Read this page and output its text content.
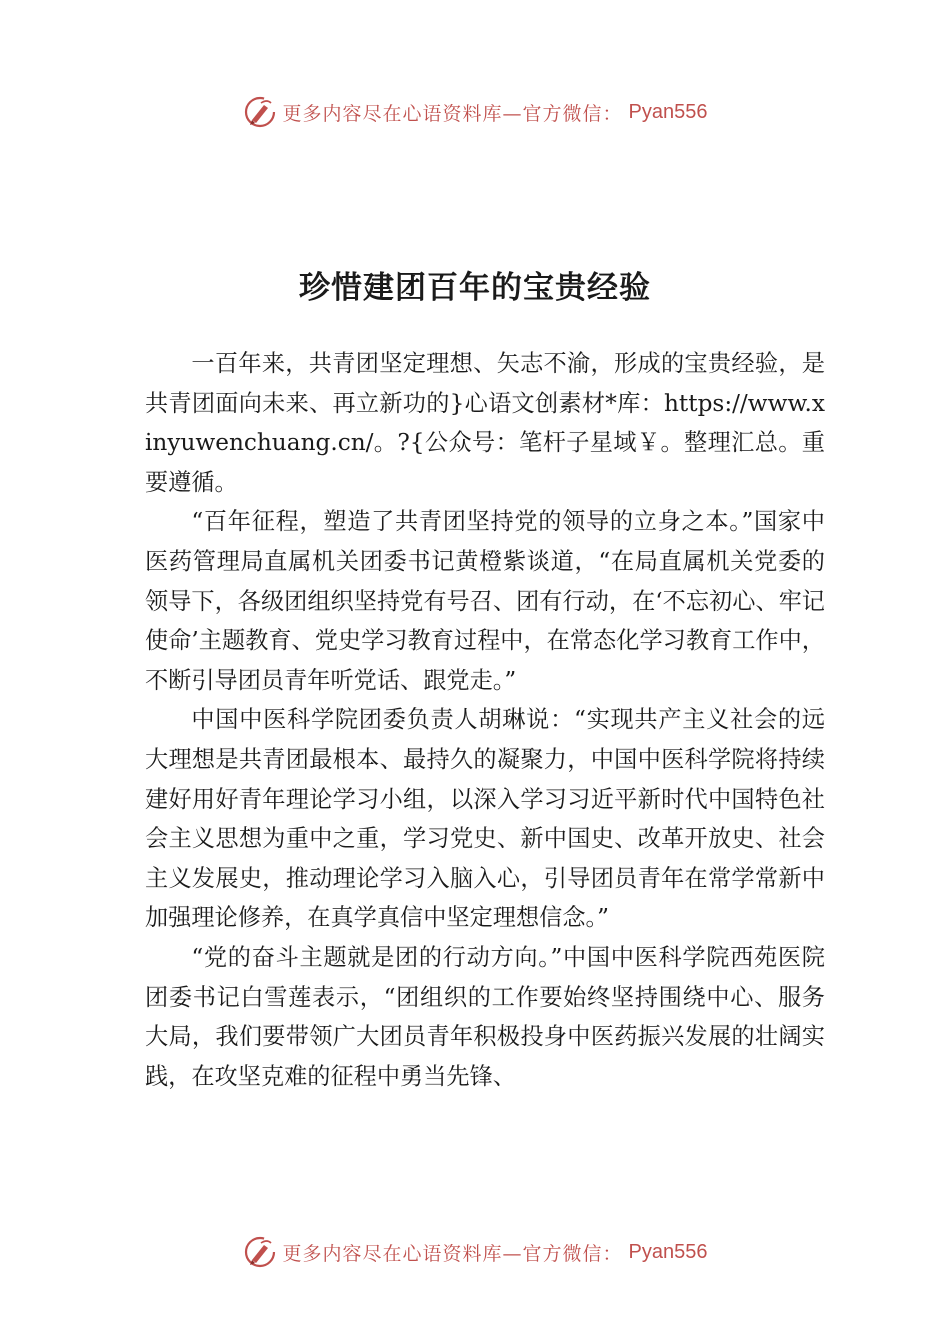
更多内容尽在心语资料库—官方微信： Pyan556
珍惜建团百年的宝贵经验

一百年来，共青团坚定理想、矢志不渝，形成的宝贵经验，是共青团面向未来、再立新功的}心语文创素材*库：https://www.xinyuwenchuang.cn/。?{公众号：笔杆子星域￥。整理汇总。重要遵循。

“百年征程，塑造了共青团坚持党的领导的立身之本。”国家中医药管理局直属机关团委书记黄橙紫谈道，“在局直属机关党委的领导下，各级团组织坚持党有号召、团有行动，在‘不忘初心、牢记使命’主题教育、党史学习教育过程中，在常态化学习教育工作中，不断引导团员青年听党话、跟党走。”

中国中医科学院团委负责人胡琳说：“实现共产主义社会的远大理想是共青团最根本、最持久的凝聚力，中国中医科学院将持续建好用好青年理论学习小组，以深入学习习近平新时代中国特色社会主义思想为重中之重，学习党史、新中国史、改革开放史、社会主义发展史，推动理论学习入脑入心，引导团员青年在常学常新中加强理论修养，在真学真信中坚定理想信念。”

“党的奋斗主题就是团的行动方向。”中国中医科学院西苑医院团委书记白雪莲表示，“团组织的工作要始终坚持围绕中心、服务大局，我们要带领广大团员青年积极投身中医药振兴发展的壮阔实践，在攻坚克难的征程中勇当先锋、

更多内容尽在心语资料库—官方微信： Pyan556
